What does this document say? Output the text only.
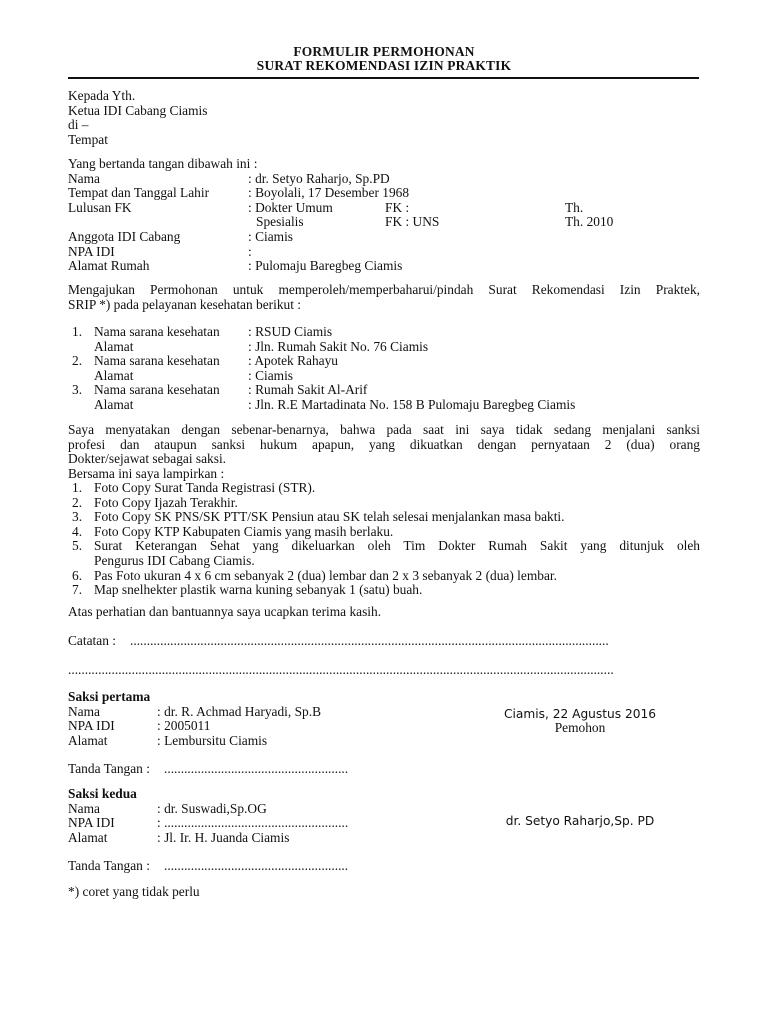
FORMULIR PERMOHONAN
SURAT REKOMENDASI IZIN PRAKTIK
Kepada Yth.
Ketua IDI Cabang Ciamis
di –
Tempat
Yang bertanda tangan dibawah ini :
Nama	: dr. Setyo Raharjo, Sp.PD
Tempat dan Tanggal Lahir	: Boyolali, 17 Desember 1968
Lulusan FK	: Dokter Umum	FK :	Th.
Spesialis	FK : UNS	Th. 2010
Anggota IDI Cabang	: Ciamis
NPA IDI	:
Alamat Rumah	: Pulomaju Baregbeg Ciamis
Mengajukan Permohonan untuk memperoleh/memperbaharui/pindah Surat Rekomendasi Izin Praktek,
SRIP *) pada pelayanan kesehatan berikut :
1. Nama sarana kesehatan : RSUD Ciamis
Alamat	: Jln. Rumah Sakit No. 76 Ciamis
2. Nama sarana kesehatan : Apotek Rahayu
Alamat	: Ciamis
3. Nama sarana kesehatan : Rumah Sakit Al-Arif
Alamat	: Jln. R.E Martadinata No. 158 B Pulomaju Baregbeg Ciamis
Saya menyatakan dengan sebenar-benarnya, bahwa pada saat ini saya tidak sedang menjalani sanksi
profesi dan ataupun sanksi hukum apapun, yang dikuatkan dengan pernyataan 2 (dua) orang
Dokter/sejawat sebagai saksi.
Bersama ini saya lampirkan :
1. Foto Copy Surat Tanda Registrasi (STR).
2. Foto Copy Ijazah Terakhir.
3. Foto Copy SK PNS/SK PTT/SK Pensiun atau SK telah selesai menjalankan masa bakti.
4. Foto Copy KTP Kabupaten Ciamis yang masih berlaku.
5. Surat Keterangan Sehat yang dikeluarkan oleh Tim Dokter Rumah Sakit yang ditunjuk oleh
Pengurus IDI Cabang Ciamis.
6. Pas Foto ukuran 4 x 6 cm sebanyak 2 (dua) lembar dan 2 x 3 sebanyak 2 (dua) lembar.
7. Map snelhekter plastik warna kuning sebanyak 1 (satu) buah.
Atas perhatian dan bantuannya saya ucapkan terima kasih.
Catatan : ...............................................................................................................................................
...................................................................................................................................................................
Saksi pertama
Nama	: dr. R. Achmad Haryadi, Sp.B
NPA IDI	: 2005011
Alamat	: Lembursitu Ciamis
Tanda Tangan : .......................................................
Saksi kedua
Nama	: dr. Suswadi,Sp.OG
NPA IDI	: .......................................................
Alamat	: Jl. Ir. H. Juanda Ciamis
Tanda Tangan : .......................................................
Ciamis, 22 Agustus 2016
Pemohon
dr. Setyo Raharjo,Sp. PD
*) coret yang tidak perlu
